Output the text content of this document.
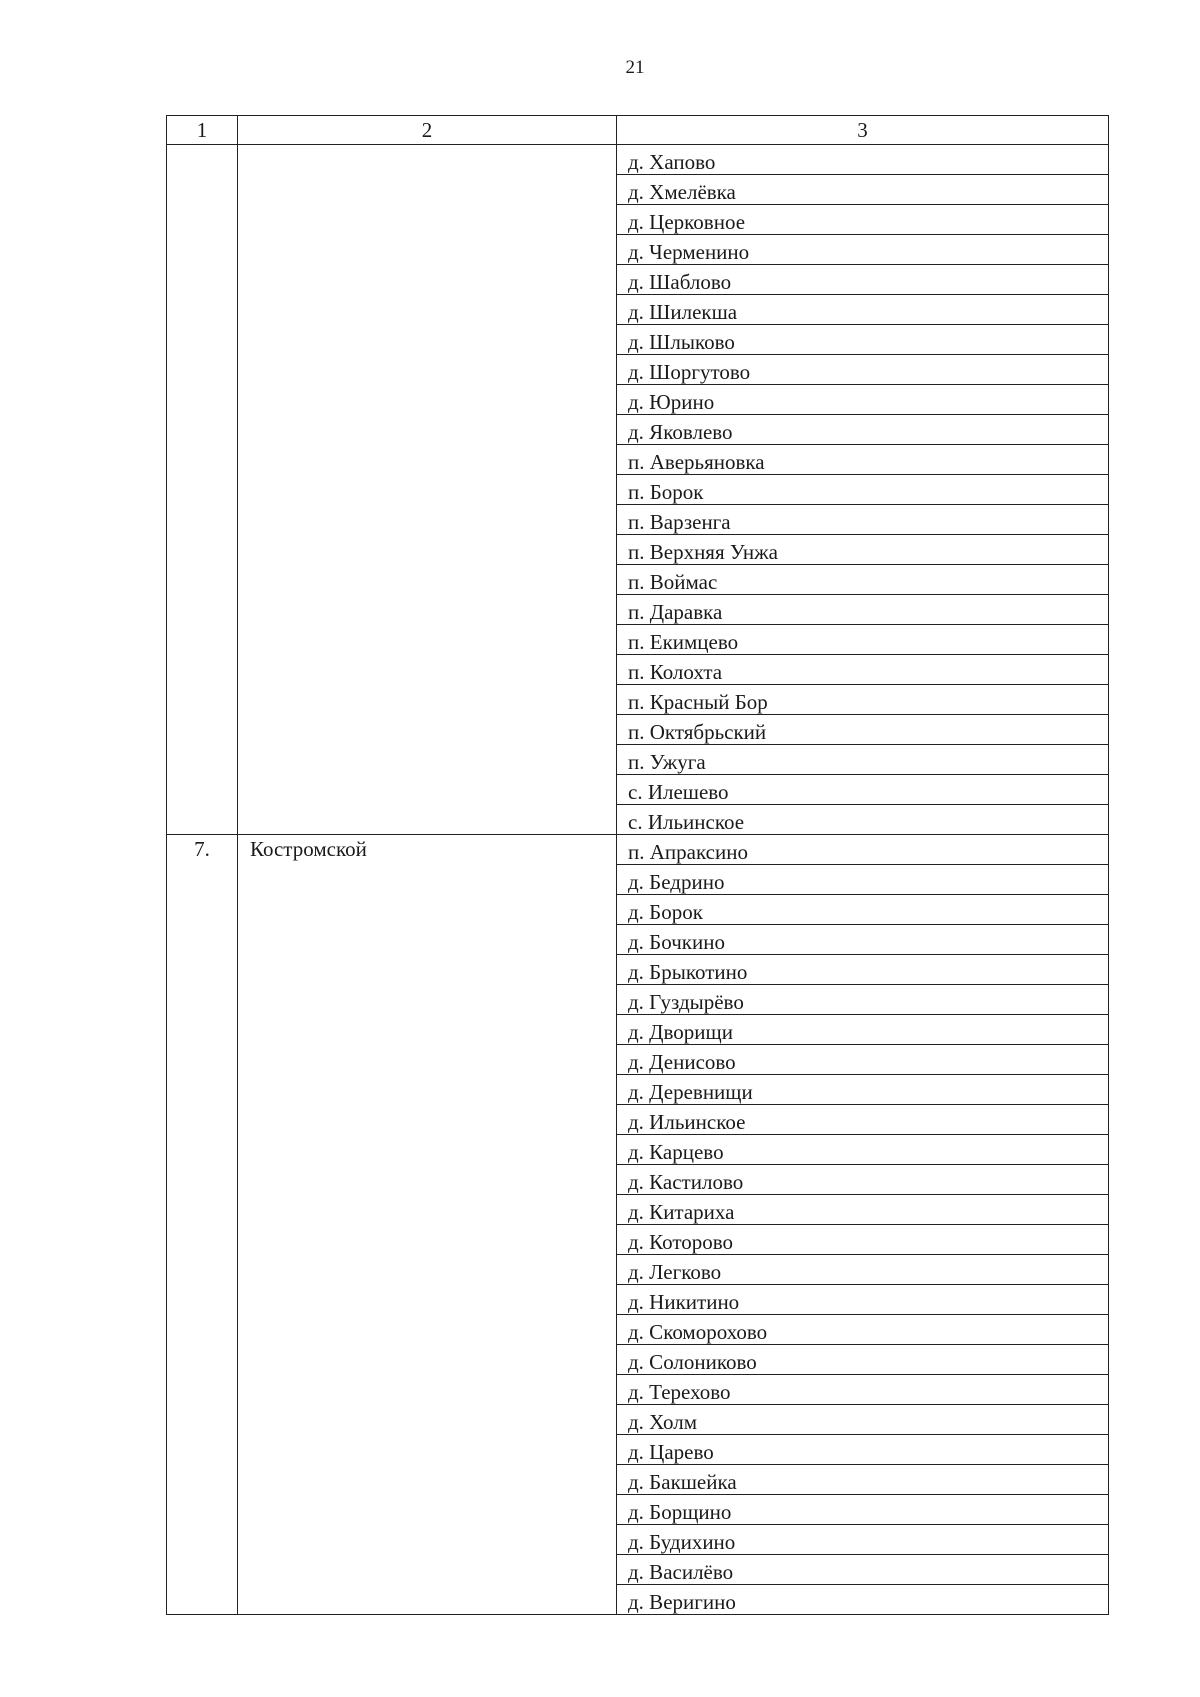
21
1	2	3
		д. Хапово
		д. Хмелёвка
		д. Церковное
		д. Черменино
		д. Шаблово
		д. Шилекша
		д. Шлыково
		д. Шоргутово
		д. Юрино
		д. Яковлево
		п. Аверьяновка
		п. Борок
		п. Варзенга
		п. Верхняя Унжа
		п. Воймас
		п. Даравка
		п. Екимцево
		п. Колохта
		п. Красный Бор
		п. Октябрьский
		п. Ужуга
		с. Илешево
		с. Ильинское
7.	Костромской	п. Апраксино
		д. Бедрино
		д. Борок
		д. Бочкино
		д. Брыкотино
		д. Гуздырёво
		д. Дворищи
		д. Денисово
		д. Деревнищи
		д. Ильинское
		д. Карцево
		д. Кастилово
		д. Китариха
		д. Которово
		д. Легково
		д. Никитино
		д. Скоморохово
		д. Солониково
		д. Терехово
		д. Холм
		д. Царево
		д. Бакшейка
		д. Борщино
		д. Будихино
		д. Василёво
		д. Веригино
